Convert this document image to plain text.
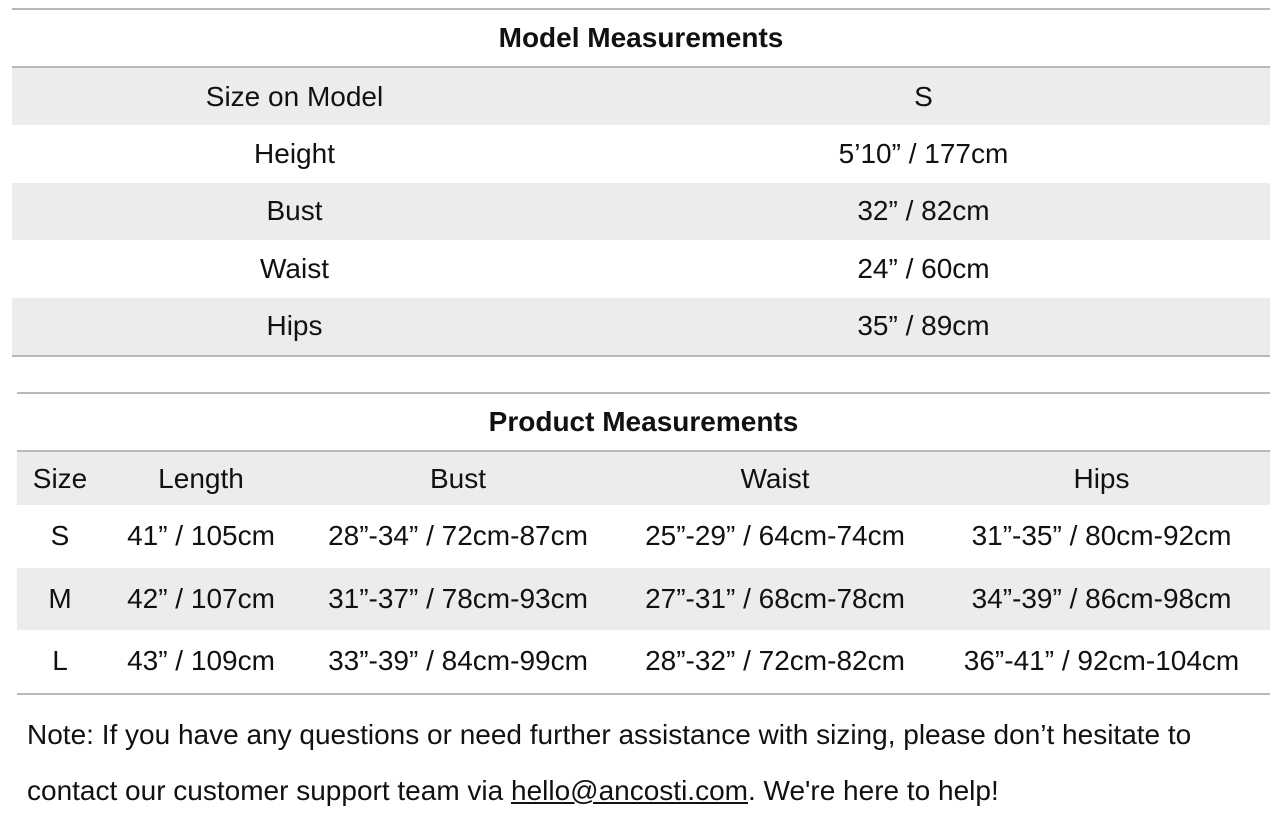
Model Measurements
Size on Model	S
Height	5’10” / 177cm
Bust	32” / 82cm
Waist	24” / 60cm
Hips	35” / 89cm
Product Measurements
Size	Length	Bust	Waist	Hips
S	41” / 105cm	28”-34” / 72cm-87cm	25”-29” / 64cm-74cm	31”-35” / 80cm-92cm
M	42” / 107cm	31”-37” / 78cm-93cm	27”-31” / 68cm-78cm	34”-39” / 86cm-98cm
L	43” / 109cm	33”-39” / 84cm-99cm	28”-32” / 72cm-82cm	36”-41” / 92cm-104cm
Note: If you have any questions or need further assistance with sizing, please don’t hesitate to
contact our customer support team via hello@ancosti.com. We're here to help!
